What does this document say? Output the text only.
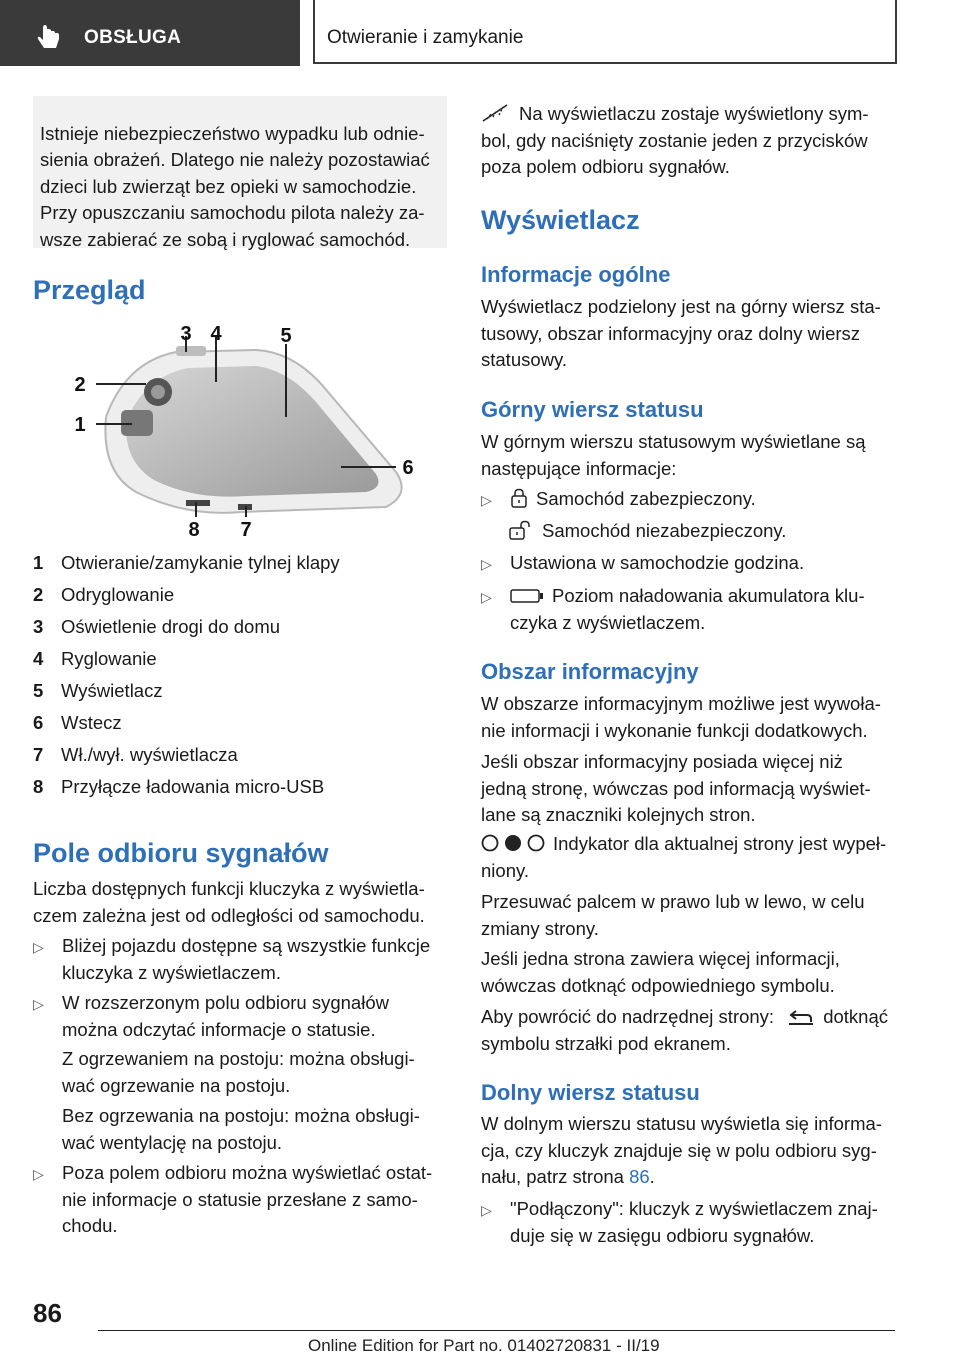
OBSŁUGA	Otwieranie i zamykanie

Istnieje niebezpieczeństwo wypadku lub odnie-sienia obrażeń. Dlatego nie należy pozostawiać dzieci lub zwierząt bez opieki w samochodzie. Przy opuszczaniu samochodu pilota należy za-wsze zabierać ze sobą i ryglować samochód.

Przegląd
3 4	5
2
1
6
8 7
1 Otwieranie/zamykanie tylnej klapy
2 Odryglowanie
3 Oświetlenie drogi do domu
4 Ryglowanie
5 Wyświetlacz
6 Wstecz
7 Wł./wył. wyświetlacza
8 Przyłącze ładowania micro-USB
Pole odbioru sygnałów
Liczba dostępnych funkcji kluczyka z wyświetla-
czem zależna jest od odległości od samochodu.
▷ Bliżej pojazdu dostępne są wszystkie funkcje
kluczyka z wyświetlaczem.
▷ W rozszerzonym polu odbioru sygnałów
można odczytać informacje o statusie.
Z ogrzewaniem na postoju: można obsługi-
wać ogrzewanie na postoju.
Bez ogrzewania na postoju: można obsługi-
wać wentylację na postoju.
▷ Poza polem odbioru można wyświetlać ostat-
nie informacje o statusie przesłane z samo-
chodu.
Na wyświetlaczu zostaje wyświetlony sym-
bol, gdy naciśnięty zostanie jeden z przycisków
poza polem odbioru sygnałów.
Wyświetlacz
Informacje ogólne
Wyświetlacz podzielony jest na górny wiersz sta-
tusowy, obszar informacyjny oraz dolny wiersz
statusowy.
Górny wiersz statusu
W górnym wierszu statusowym wyświetlane są
następujące informacje:
▷	Samochód zabezpieczony.
Samochód niezabezpieczony.
▷ Ustawiona w samochodzie godzina.
▷	Poziom naładowania akumulatora klu-
czyka z wyświetlaczem.
Obszar informacyjny
W obszarze informacyjnym możliwe jest wywoła-
nie informacji i wykonanie funkcji dodatkowych.
Jeśli obszar informacyjny posiada więcej niż
jedną stronę, wówczas pod informacją wyświet-
lane są znaczniki kolejnych stron.
Indykator dla aktualnej strony jest wypeł-
niony.
Przesuwać palcem w prawo lub w lewo, w celu
zmiany strony.
Jeśli jedna strona zawiera więcej informacji,
wówczas dotknąć odpowiedniego symbolu.
Aby powrócić do nadrzędnej strony:	dotknąć
symbolu strzałki pod ekranem.
Dolny wiersz statusu
W dolnym wierszu statusu wyświetla się informa-
cja, czy kluczyk znajduje się w polu odbioru syg-
nału, patrz strona 86.
▷ "Podłączony": kluczyk z wyświetlaczem znaj-
duje się w zasięgu odbioru sygnałów.
86
Online Edition for Part no. 01402720831 - II/19
